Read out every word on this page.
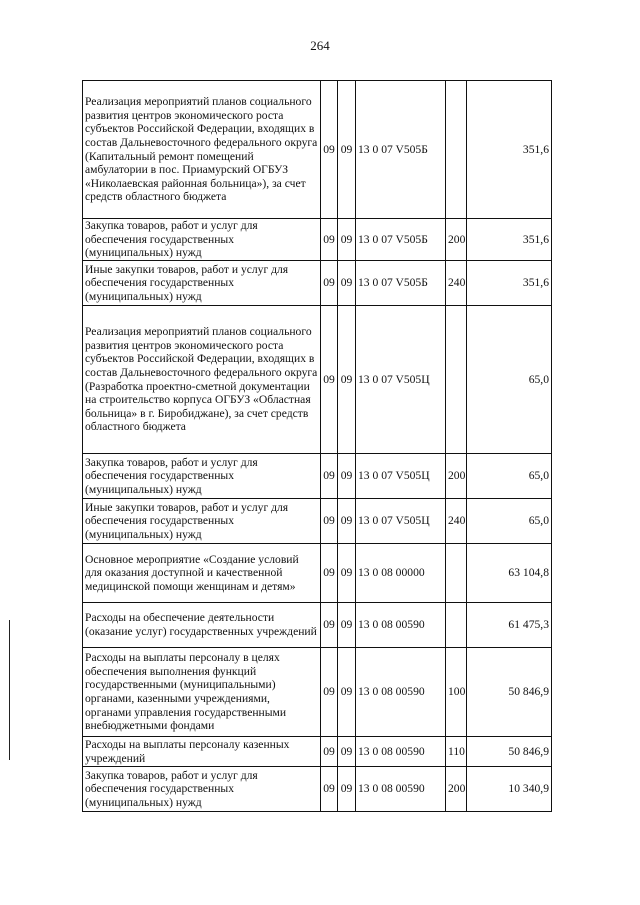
264
Реализация мероприятий планов социального развития центров экономического роста субъектов Российской Федерации, входящих в состав Дальневосточного федерального округа (Капитальный ремонт помещений амбулатории в пос. Приамурский ОГБУЗ «Николаевская районная больница»), за счет средств областного бюджета	09	09	13 0 07 V505Б		351,6
Закупка товаров, работ и услуг для обеспечения государственных (муниципальных) нужд	09	09	13 0 07 V505Б	200	351,6
Иные закупки товаров, работ и услуг для обеспечения государственных (муниципальных) нужд	09	09	13 0 07 V505Б	240	351,6
Реализация мероприятий планов социального развития центров экономического роста субъектов Российской Федерации, входящих в состав Дальневосточного федерального округа (Разработка проектно-сметной документации на строительство корпуса ОГБУЗ «Областная больница» в г. Биробиджане), за счет средств областного бюджета	09	09	13 0 07 V505Ц		65,0
Закупка товаров, работ и услуг для обеспечения государственных (муниципальных) нужд	09	09	13 0 07 V505Ц	200	65,0
Иные закупки товаров, работ и услуг для обеспечения государственных (муниципальных) нужд	09	09	13 0 07 V505Ц	240	65,0
Основное мероприятие «Создание условий для оказания доступной и качественной медицинской помощи женщинам и детям»	09	09	13 0 08 00000		63 104,8
Расходы на обеспечение деятельности (оказание услуг) государственных учреждений	09	09	13 0 08 00590		61 475,3
Расходы на выплаты персоналу в целях обеспечения выполнения функций государственными (муниципальными) органами, казенными учреждениями, органами управления государственными внебюджетными фондами	09	09	13 0 08 00590	100	50 846,9
Расходы на выплаты персоналу казенных учреждений	09	09	13 0 08 00590	110	50 846,9
Закупка товаров, работ и услуг для обеспечения государственных (муниципальных) нужд	09	09	13 0 08 00590	200	10 340,9
